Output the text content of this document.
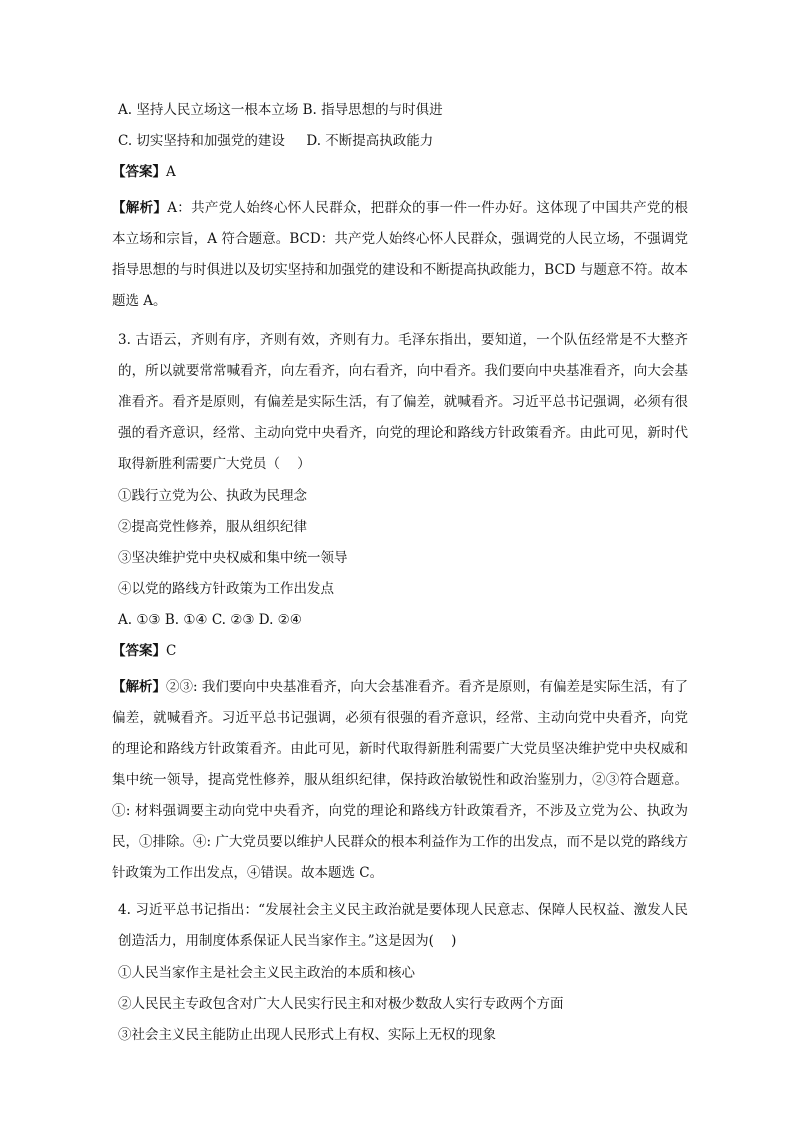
A. 坚持人民立场这一根本立场 B. 指导思想的与时俱进

C. 切实坚持和加强党的建设     D. 不断提高执政能力

【答案】A

【解析】A：共产党人始终心怀人民群众，把群众的事一件一件办好。这体现了中国共产党的根本立场和宗旨，A 符合题意。BCD：共产党人始终心怀人民群众，强调党的人民立场，不强调党指导思想的与时俱进以及切实坚持和加强党的建设和不断提高执政能力，BCD 与题意不符。故本题选 A。

3. 古语云，齐则有序，齐则有效，齐则有力。毛泽东指出，要知道，一个队伍经常是不大整齐的，所以就要常常喊看齐，向左看齐，向右看齐，向中看齐。我们要向中央基准看齐，向大会基准看齐。看齐是原则，有偏差是实际生活，有了偏差，就喊看齐。习近平总书记强调，必须有很强的看齐意识，经常、主动向党中央看齐，向党的理论和路线方针政策看齐。由此可见，新时代取得新胜利需要广大党员（    ）

①践行立党为公、执政为民理念

②提高党性修养，服从组织纪律

③坚决维护党中央权威和集中统一领导

④以党的路线方针政策为工作出发点

A. ①③ B. ①④ C. ②③ D. ②④

【答案】C

【解析】②③: 我们要向中央基准看齐，向大会基准看齐。看齐是原则，有偏差是实际生活，有了偏差，就喊看齐。习近平总书记强调，必须有很强的看齐意识，经常、主动向党中央看齐，向党的理论和路线方针政策看齐。由此可见，新时代取得新胜利需要广大党员坚决维护党中央权威和集中统一领导，提高党性修养，服从组织纪律，保持政治敏锐性和政治鉴别力，②③符合题意。①: 材料强调要主动向党中央看齐，向党的理论和路线方针政策看齐，不涉及立党为公、执政为民，①排除。④: 广大党员要以维护人民群众的根本利益作为工作的出发点，而不是以党的路线方针政策为工作出发点，④错误。故本题选 C。

4. 习近平总书记指出：“发展社会主义民主政治就是要体现人民意志、保障人民权益、激发人民创造活力，用制度体系保证人民当家作主。”这是因为(    )

①人民当家作主是社会主义民主政治的本质和核心

②人民民主专政包含对广大人民实行民主和对极少数敌人实行专政两个方面

③社会主义民主能防止出现人民形式上有权、实际上无权的现象
